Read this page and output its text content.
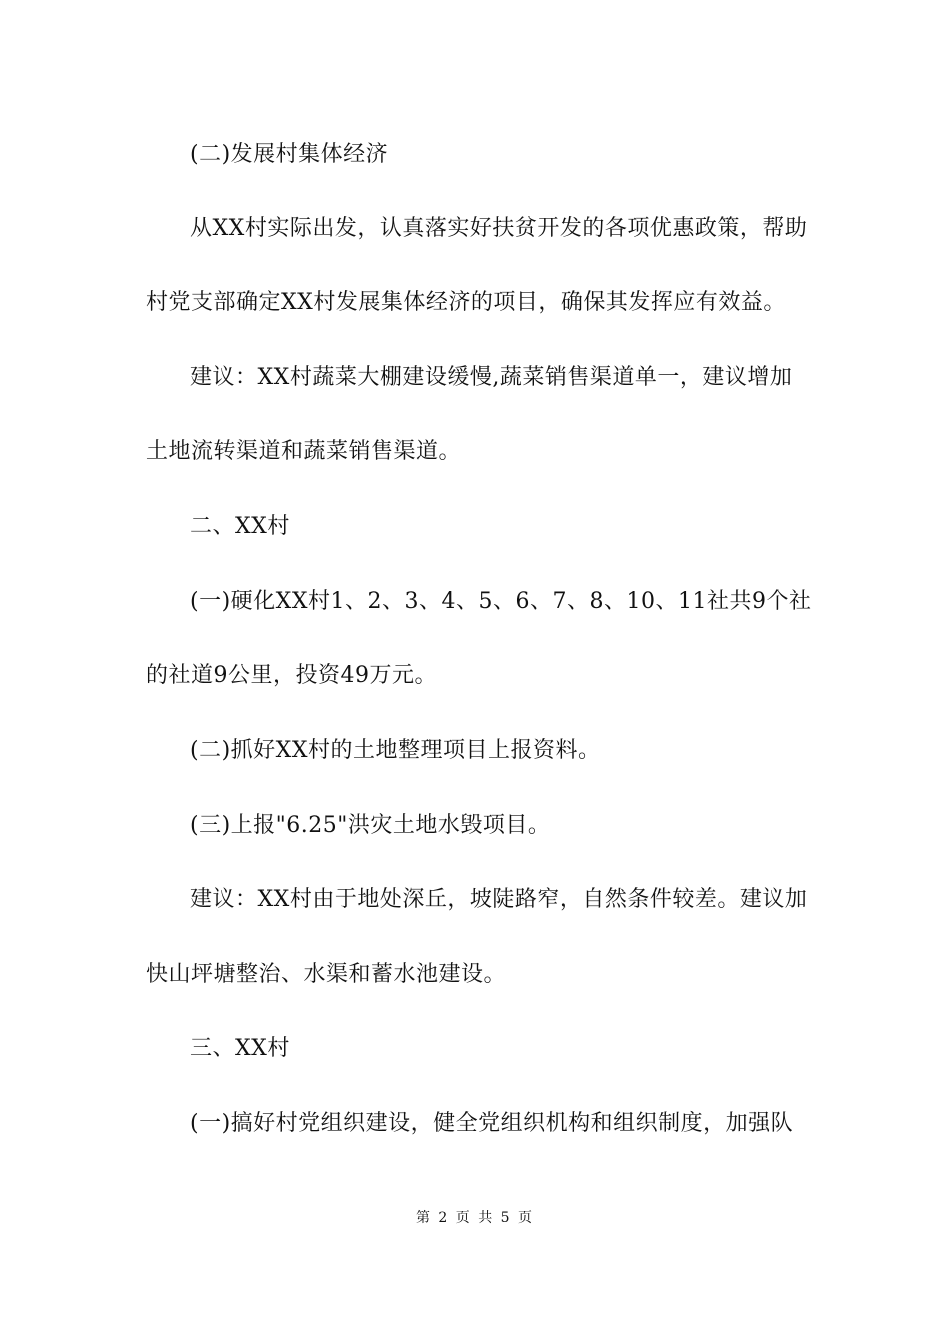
(二)发展村集体经济
从XX村实际出发，认真落实好扶贫开发的各项优惠政策，帮助
村党支部确定XX村发展集体经济的项目，确保其发挥应有效益。
建议：XX村蔬菜大棚建设缓慢,蔬菜销售渠道单一，建议增加
土地流转渠道和蔬菜销售渠道。
二、XX村
(一)硬化XX村1、2、3、4、5、6、7、8、10、11社共9个社
的社道9公里，投资49万元。
(二)抓好XX村的土地整理项目上报资料。
(三)上报"6.25"洪灾土地水毁项目。
建议：XX村由于地处深丘，坡陡路窄，自然条件较差。建议加
快山坪塘整治、水渠和蓄水池建设。
三、XX村
(一)搞好村党组织建设，健全党组织机构和组织制度，加强队
第 2 页 共 5 页
